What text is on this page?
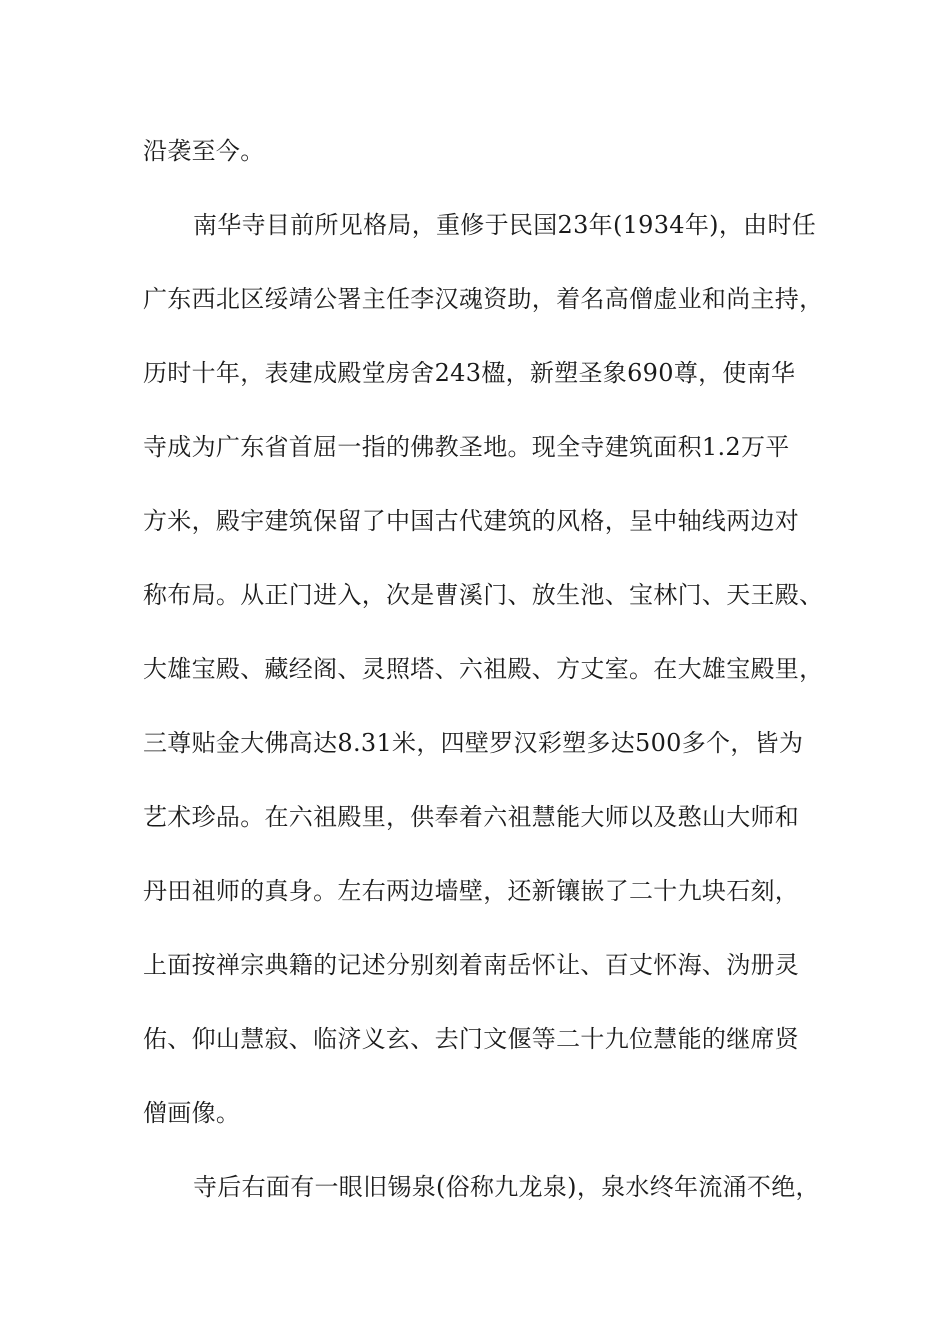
沿袭至今。
南华寺目前所见格局，重修于民国23年(1934年)，由时任
广东西北区绥靖公署主任李汉魂资助，着名高僧虚业和尚主持，
历时十年，表建成殿堂房舍243楹，新塑圣象690尊，使南华
寺成为广东省首屈一指的佛教圣地。现全寺建筑面积1.2万平
方米，殿宇建筑保留了中国古代建筑的风格，呈中轴线两边对
称布局。从正门进入，次是曹溪门、放生池、宝林门、天王殿、
大雄宝殿、藏经阁、灵照塔、六祖殿、方丈室。在大雄宝殿里，
三尊贴金大佛高达8.31米，四壁罗汉彩塑多达500多个，皆为
艺术珍品。在六祖殿里，供奉着六祖慧能大师以及憨山大师和
丹田祖师的真身。左右两边墙壁，还新镶嵌了二十九块石刻，
上面按禅宗典籍的记述分别刻着南岳怀让、百丈怀海、沩册灵
佑、仰山慧寂、临济义玄、去门文偃等二十九位慧能的继席贤
僧画像。
寺后右面有一眼旧锡泉(俗称九龙泉)，泉水终年流涌不绝，
